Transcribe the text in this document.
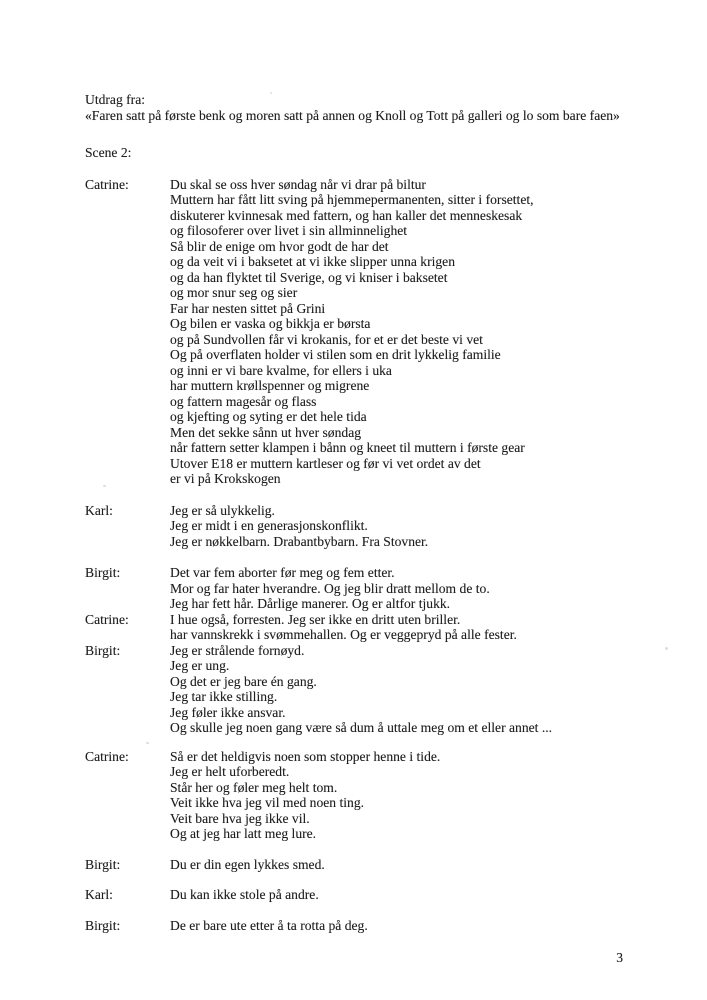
Utdrag fra:
«Faren satt på første benk og moren satt på annen og Knoll og Tott på galleri og lo som bare faen»
Scene 2:
Catrine:	Du skal se oss hver søndag når vi drar på biltur
Muttern har fått litt sving på hjemmepermanenten, sitter i forsettet,
diskuterer kvinnesak med fattern, og han kaller det menneskesak
og filosoferer over livet i sin allminnelighet
Så blir de enige om hvor godt de har det
og da veit vi i baksetet at vi ikke slipper unna krigen
og da han flyktet til Sverige, og vi kniser i baksetet
og mor snur seg og sier
Far har nesten sittet på Grini
Og bilen er vaska og bikkja er børsta
og på Sundvollen får vi krokanis, for et er det beste vi vet
Og på overflaten holder vi stilen som en drit lykkelig familie
og inni er vi bare kvalme, for ellers i uka
har muttern krøllspenner og migrene
og fattern magesår og flass
og kjefting og syting er det hele tida
Men det sekke sånn ut hver søndag
når fattern setter klampen i bånn og kneet til muttern i første gear
Utover E18 er muttern kartleser og før vi vet ordet av det
er vi på Krokskogen
Karl:	Jeg er så ulykkelig.
Jeg er midt i en generasjonskonflikt.
Jeg er nøkkelbarn. Drabantbybarn. Fra Stovner.
Birgit:	Det var fem aborter før meg og fem etter.
Mor og far hater hverandre. Og jeg blir dratt mellom de to.
Jeg har fett hår. Dårlige manerer. Og er altfor tjukk.
Catrine:	I hue også, forresten. Jeg ser ikke en dritt uten briller.
har vannskrekk i svømmehallen. Og er veggepryd på alle fester.
Birgit:	Jeg er strålende fornøyd.
Jeg er ung.
Og det er jeg bare én gang.
Jeg tar ikke stilling.
Jeg føler ikke ansvar.
Og skulle jeg noen gang være så dum å uttale meg om et eller annet ...
Catrine:	Så er det heldigvis noen som stopper henne i tide.
Jeg er helt uforberedt.
Står her og føler meg helt tom.
Veit ikke hva jeg vil med noen ting.
Veit bare hva jeg ikke vil.
Og at jeg har latt meg lure.
Birgit:	Du er din egen lykkes smed.
Karl:	Du kan ikke stole på andre.
Birgit:	De er bare ute etter å ta rotta på deg.
3
